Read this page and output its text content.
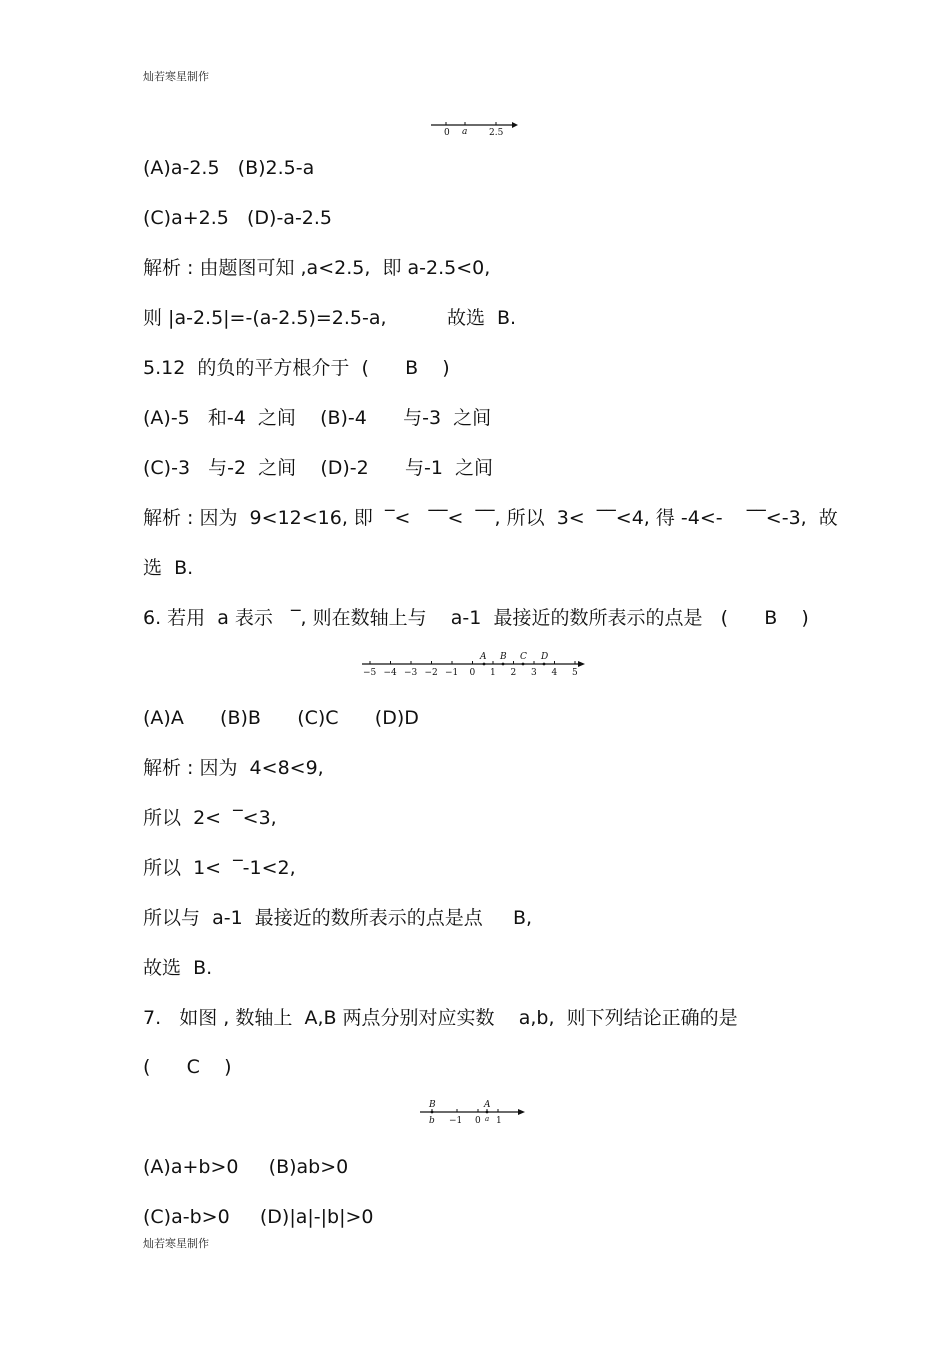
灿若寒星制作
0 a 2.5
(A)a-2.5   (B)2.5-a
(C)a+2.5   (D)-a-2.5
解析 : 由题图可知 ,a<2.5,  即 a-2.5<0,
则 |a-2.5|=-(a-2.5)=2.5-a,          故选  B.
5.12  的负的平方根介于  (      B    )
(A)-5   和-4  之间    (B)-4      与-3  之间
(C)-3   与-2  之间    (D)-2      与-1  之间
解析 : 因为  9<12<16, 即  ‾<   ‾‾<  ‾‾, 所以  3<  ‾‾<4, 得 -4<-    ‾‾<-3,  故
选  B.
6. 若用  a 表示   ‾, 则在数轴上与    a-1  最接近的数所表示的点是   (      B    )
−5 −4 −3 −2 −1 0 1 2 3 4 5
A B C D
(A)A      (B)B      (C)C      (D)D
解析 : 因为  4<8<9,
所以  2<  ‾<3,
所以  1<  ‾-1<2,
所以与  a-1  最接近的数所表示的点是点     B,
故选  B.
7.   如图 , 数轴上  A,B 两点分别对应实数    a,b,  则下列结论正确的是
(      C    )
B	A
b −1 0 a 1
(A)a+b>0     (B)ab>0
(C)a-b>0     (D)|a|-|b|>0
灿若寒星制作
